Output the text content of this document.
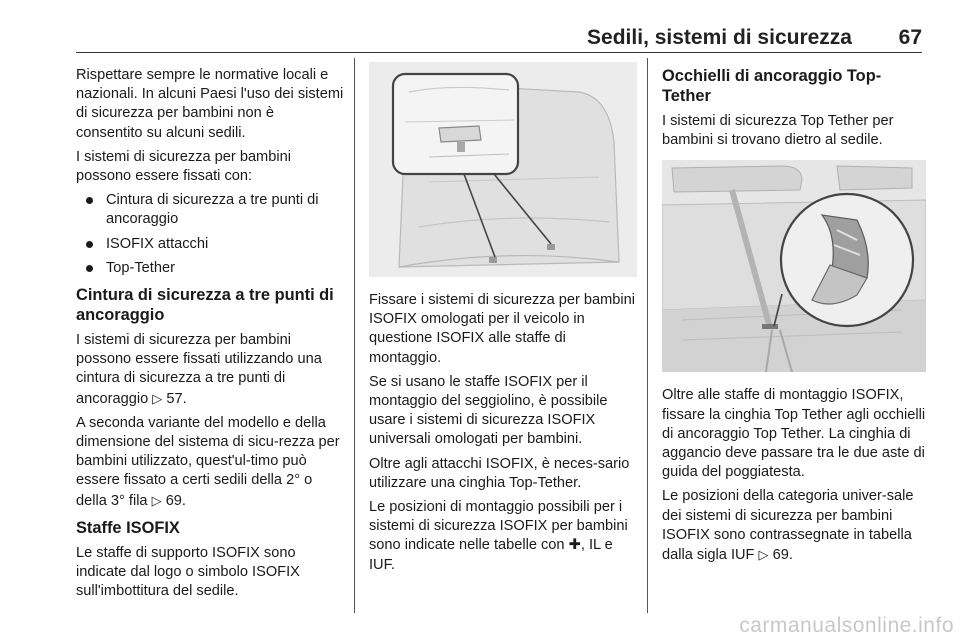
Sedili, sistemi di sicurezza 67

Rispettare sempre le normative locali e nazionali. In alcuni Paesi l'uso dei sistemi di sicurezza per bambini non è consentito su alcuni sedili.

I sistemi di sicurezza per bambini possono essere fissati con:

Cintura di sicurezza a tre punti di ancoraggio
ISOFIX attacchi
Top-Tether
Cintura di sicurezza a tre punti di ancoraggio

I sistemi di sicurezza per bambini possono essere fissati utilizzando una cintura di sicurezza a tre punti di ancoraggio ▷ 57.

A seconda variante del modello e della dimensione del sistema di sicu-rezza per bambini utilizzato, quest'ul-timo può essere fissato a certi sedili della 2° o della 3° fila ▷ 69.

Staffe ISOFIX

Le staffe di supporto ISOFIX sono indicate dal logo o simbolo ISOFIX sull'imbottitura del sedile.

Fissare i sistemi di sicurezza per bambini ISOFIX omologati per il veicolo in questione ISOFIX alle staffe di montaggio.

Se si usano le staffe ISOFIX per il montaggio del seggiolino, è possibile usare i sistemi di sicurezza ISOFIX universali omologati per bambini.

Oltre agli attacchi ISOFIX, è neces-sario utilizzare una cinghia Top-Tether.

Le posizioni di montaggio possibili per i sistemi di sicurezza ISOFIX per bambini sono indicate nelle tabelle con ✚, IL e IUF.

Occhielli di ancoraggio Top-Tether

I sistemi di sicurezza Top Tether per bambini si trovano dietro al sedile.

Oltre alle staffe di montaggio ISOFIX, fissare la cinghia Top Tether agli occhielli di ancoraggio Top Tether. La cinghia di aggancio deve passare tra le due aste di guida del poggiatesta.

Le posizioni della categoria univer-sale dei sistemi di sicurezza per bambini ISOFIX sono contrassegnate in tabella dalla sigla IUF ▷ 69.

carmanualsonline.info
